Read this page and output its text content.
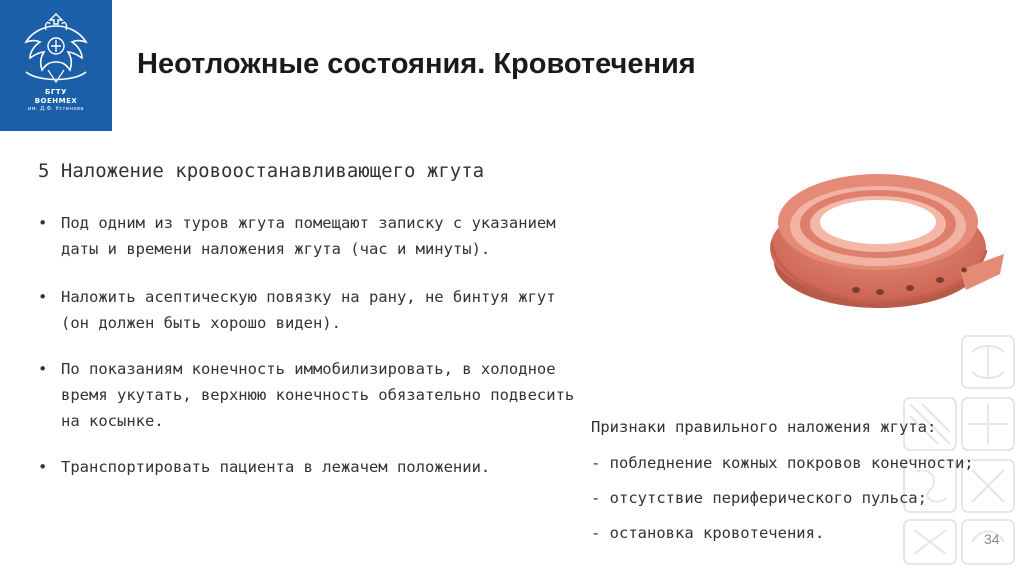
БГТУ
ВОЕНМЕХ
им. Д.Ф. Устинова
Неотложные состояния. Кровотечения
5 Наложение кровоостанавливающего жгута
• Под одним из туров жгута помещают записку с указанием
даты и времени наложения жгута (час и минуты).
• Наложить асептическую повязку на рану, не бинтуя жгут
(он должен быть хорошо виден).
• По показаниям конечность иммобилизировать, в холодное
время укутать, верхнюю конечность обязательно подвесить
на косынке.
• Транспортировать пациента в лежачем положении.
Признаки правильного наложения жгута:
- побледнение кожных покровов конечности;
- отсутствие периферического пульса;
- остановка кровотечения.	34
